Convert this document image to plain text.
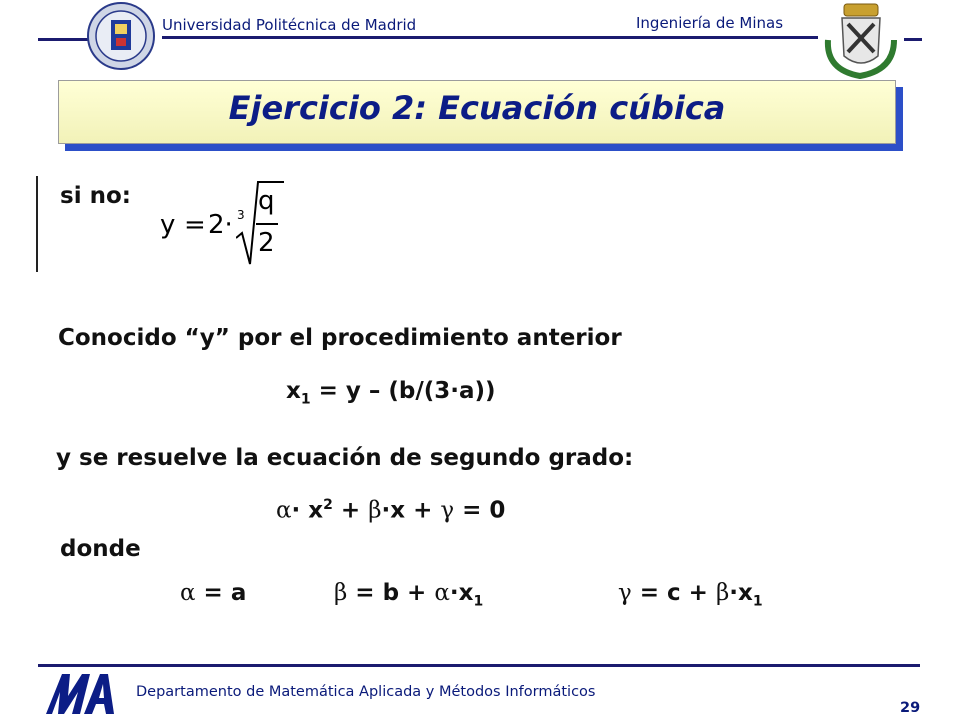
Universidad Politécnica de Madrid	Ingeniería de Minas
Ejercicio 2: Ecuación cúbica
si no:
y = 2· 3 q
2
Conocido “y” por el procedimiento anterior
$x_1 = y - (b/(3\cdot a))$
y se resuelve la ecuación de segundo grado:
$\alpha\cdot x^2 + \beta\cdot x + \gamma = 0$
donde
α = a	$\beta = b + \alpha\cdot x_1$	$\gamma = c + \beta\cdot x_1$
MA
Departamento de Matemática Aplicada y Métodos Informáticos
29
